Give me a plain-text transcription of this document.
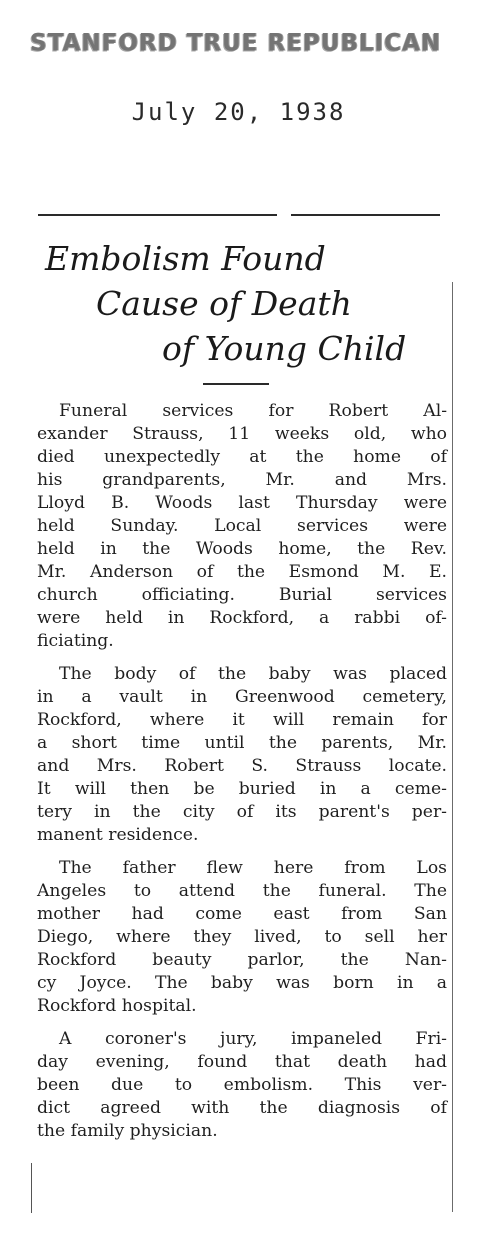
STANFORD TRUE REPUBLICAN
July 20, 1938
Embolism Found
Cause of Death
of Young Child

Funeral services for Robert Al-
exander Strauss, 11 weeks old, who
died unexpectedly at the home of
his grandparents, Mr. and Mrs.
Lloyd B. Woods last Thursday were
held Sunday. Local services were
held in the Woods home, the Rev.
Mr. Anderson of the Esmond M. E.
church officiating. Burial services
were held in Rockford, a rabbi of-
ficiating.

The body of the baby was placed
in a vault in Greenwood cemetery,
Rockford, where it will remain for
a short time until the parents, Mr.
and Mrs. Robert S. Strauss locate.
It will then be buried in a ceme-
tery in the city of its parent's per-
manent residence.

The father flew here from Los
Angeles to attend the funeral. The
mother had come east from San
Diego, where they lived, to sell her
Rockford beauty parlor, the Nan-
cy Joyce. The baby was born in a
Rockford hospital.

A coroner's jury, impaneled Fri-
day evening, found that death had
been due to embolism. This ver-
dict agreed with the diagnosis of
the family physician.
